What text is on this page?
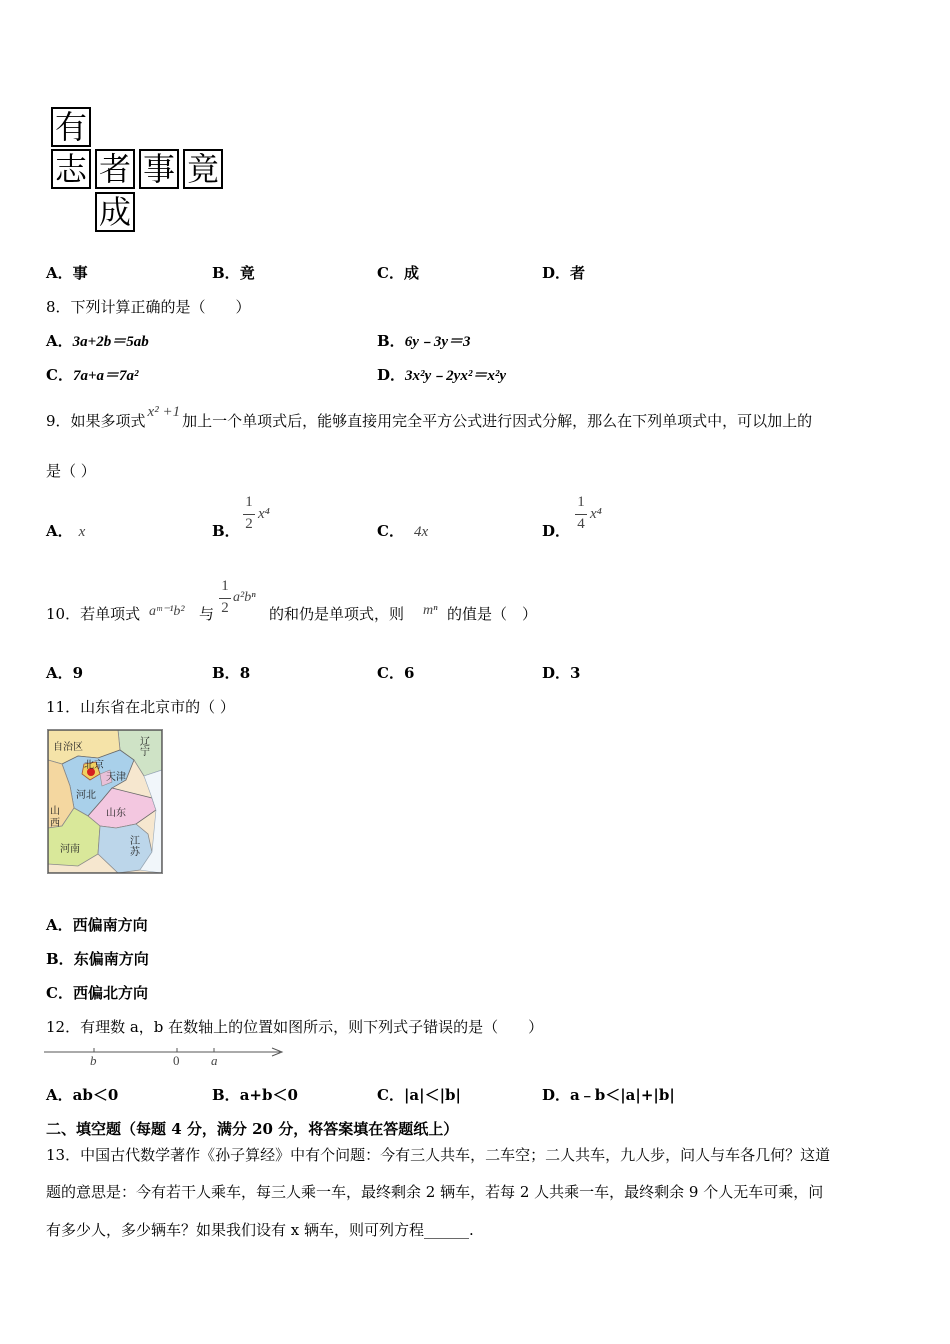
有
志 者 事 竟
成
A．事	B．竟	C．成	D．者
8．下列计算正确的是（　　）
A．3a+2b＝5ab	B．6y﹣3y＝3
C．7a+a＝7a²	D．3x²y﹣2yx²＝x²y
9．如果多项式 x² +1 加上一个单项式后，能够直接用完全平方公式进行因式分解，那么在下列单项式中，可以加上的
是（ ）
A． x	B．
1
2
x⁴
C． 4x	D．
1
4
x⁴
10．若单项式 aᵐ⁻¹b² 与
1
2
a²bⁿ
的和仍是单项式，则 mⁿ 的值是（　）
A．9	B．8	C．6	D．3
11．山东省在北京市的（ ）
自治区	辽宁
北京
天津
河北
山西
山东
河南
江苏
A．西偏南方向
B．东偏南方向
C．西偏北方向
12．有理数 a，b 在数轴上的位置如图所示，则下列式子错误的是（　　）
b	0 a
A．ab＜0	B．a+b＜0	C．|a|＜|b|	D．a﹣b＜|a|+|b|
二、填空题（每题 4 分，满分 20 分，将答案填在答题纸上）
13．中国古代数学著作《孙子算经》中有个问题：今有三人共车，二车空；二人共车，九人步，问人与车各几何？这道
题的意思是：今有若干人乘车，每三人乘一车，最终剩余 2 辆车，若每 2 人共乘一车，最终剩余 9 个人无车可乘，问
有多少人，多少辆车？如果我们设有 x 辆车，则可列方程______.
